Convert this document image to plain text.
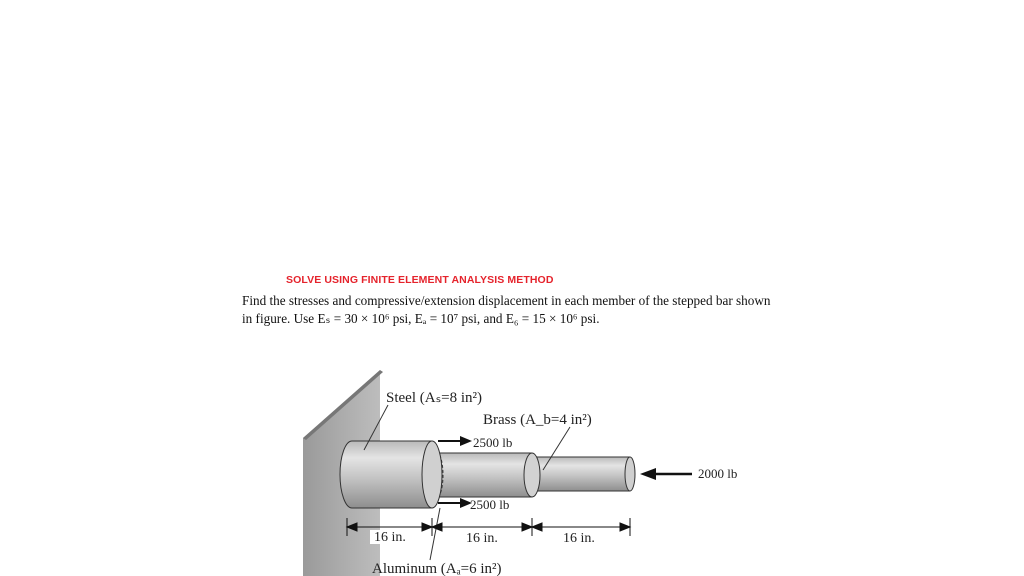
SOLVE USING FINITE ELEMENT ANALYSIS METHOD
Find the stresses and compressive/extension displacement in each member of the stepped bar shown
in figure. Use Eₛ = 30 × 10⁶ psi, Eₐ = 10⁷ psi, and E₆ = 15 × 10⁶ psi.
Steel (Aₛ=8 in²)
Brass (A_b=4 in²)
2500 lb
2500 lb
2000 lb
16 in.	16 in.	16 in.
Aluminum (Aₐ=6 in²)
